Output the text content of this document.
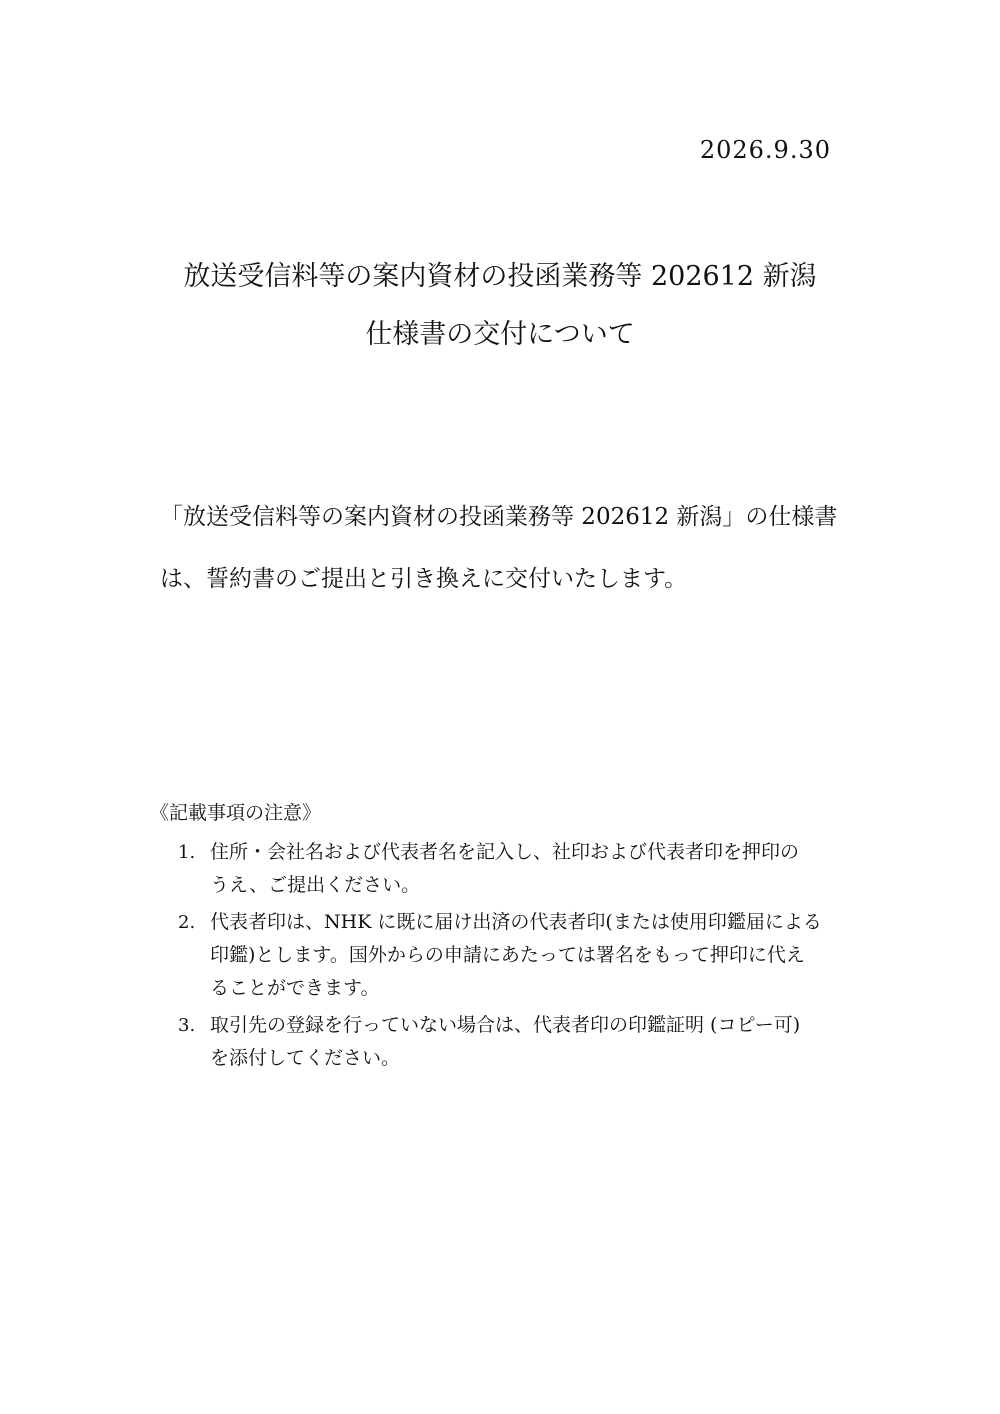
2026.9.30
放送受信料等の案内資材の投函業務等 202612 新潟
仕様書の交付について
「放送受信料等の案内資材の投函業務等 202612 新潟」の仕様書
は、誓約書のご提出と引き換えに交付いたします。
《記載事項の注意》
1. 住所・会社名および代表者名を記入し、社印および代表者印を押印の
うえ、ご提出ください。
2. 代表者印は、NHK に既に届け出済の代表者印(または使用印鑑届による
印鑑)とします。国外からの申請にあたっては署名をもって押印に代え
ることができます。
3. 取引先の登録を行っていない場合は、代表者印の印鑑証明 (コピー可)
を添付してください。
